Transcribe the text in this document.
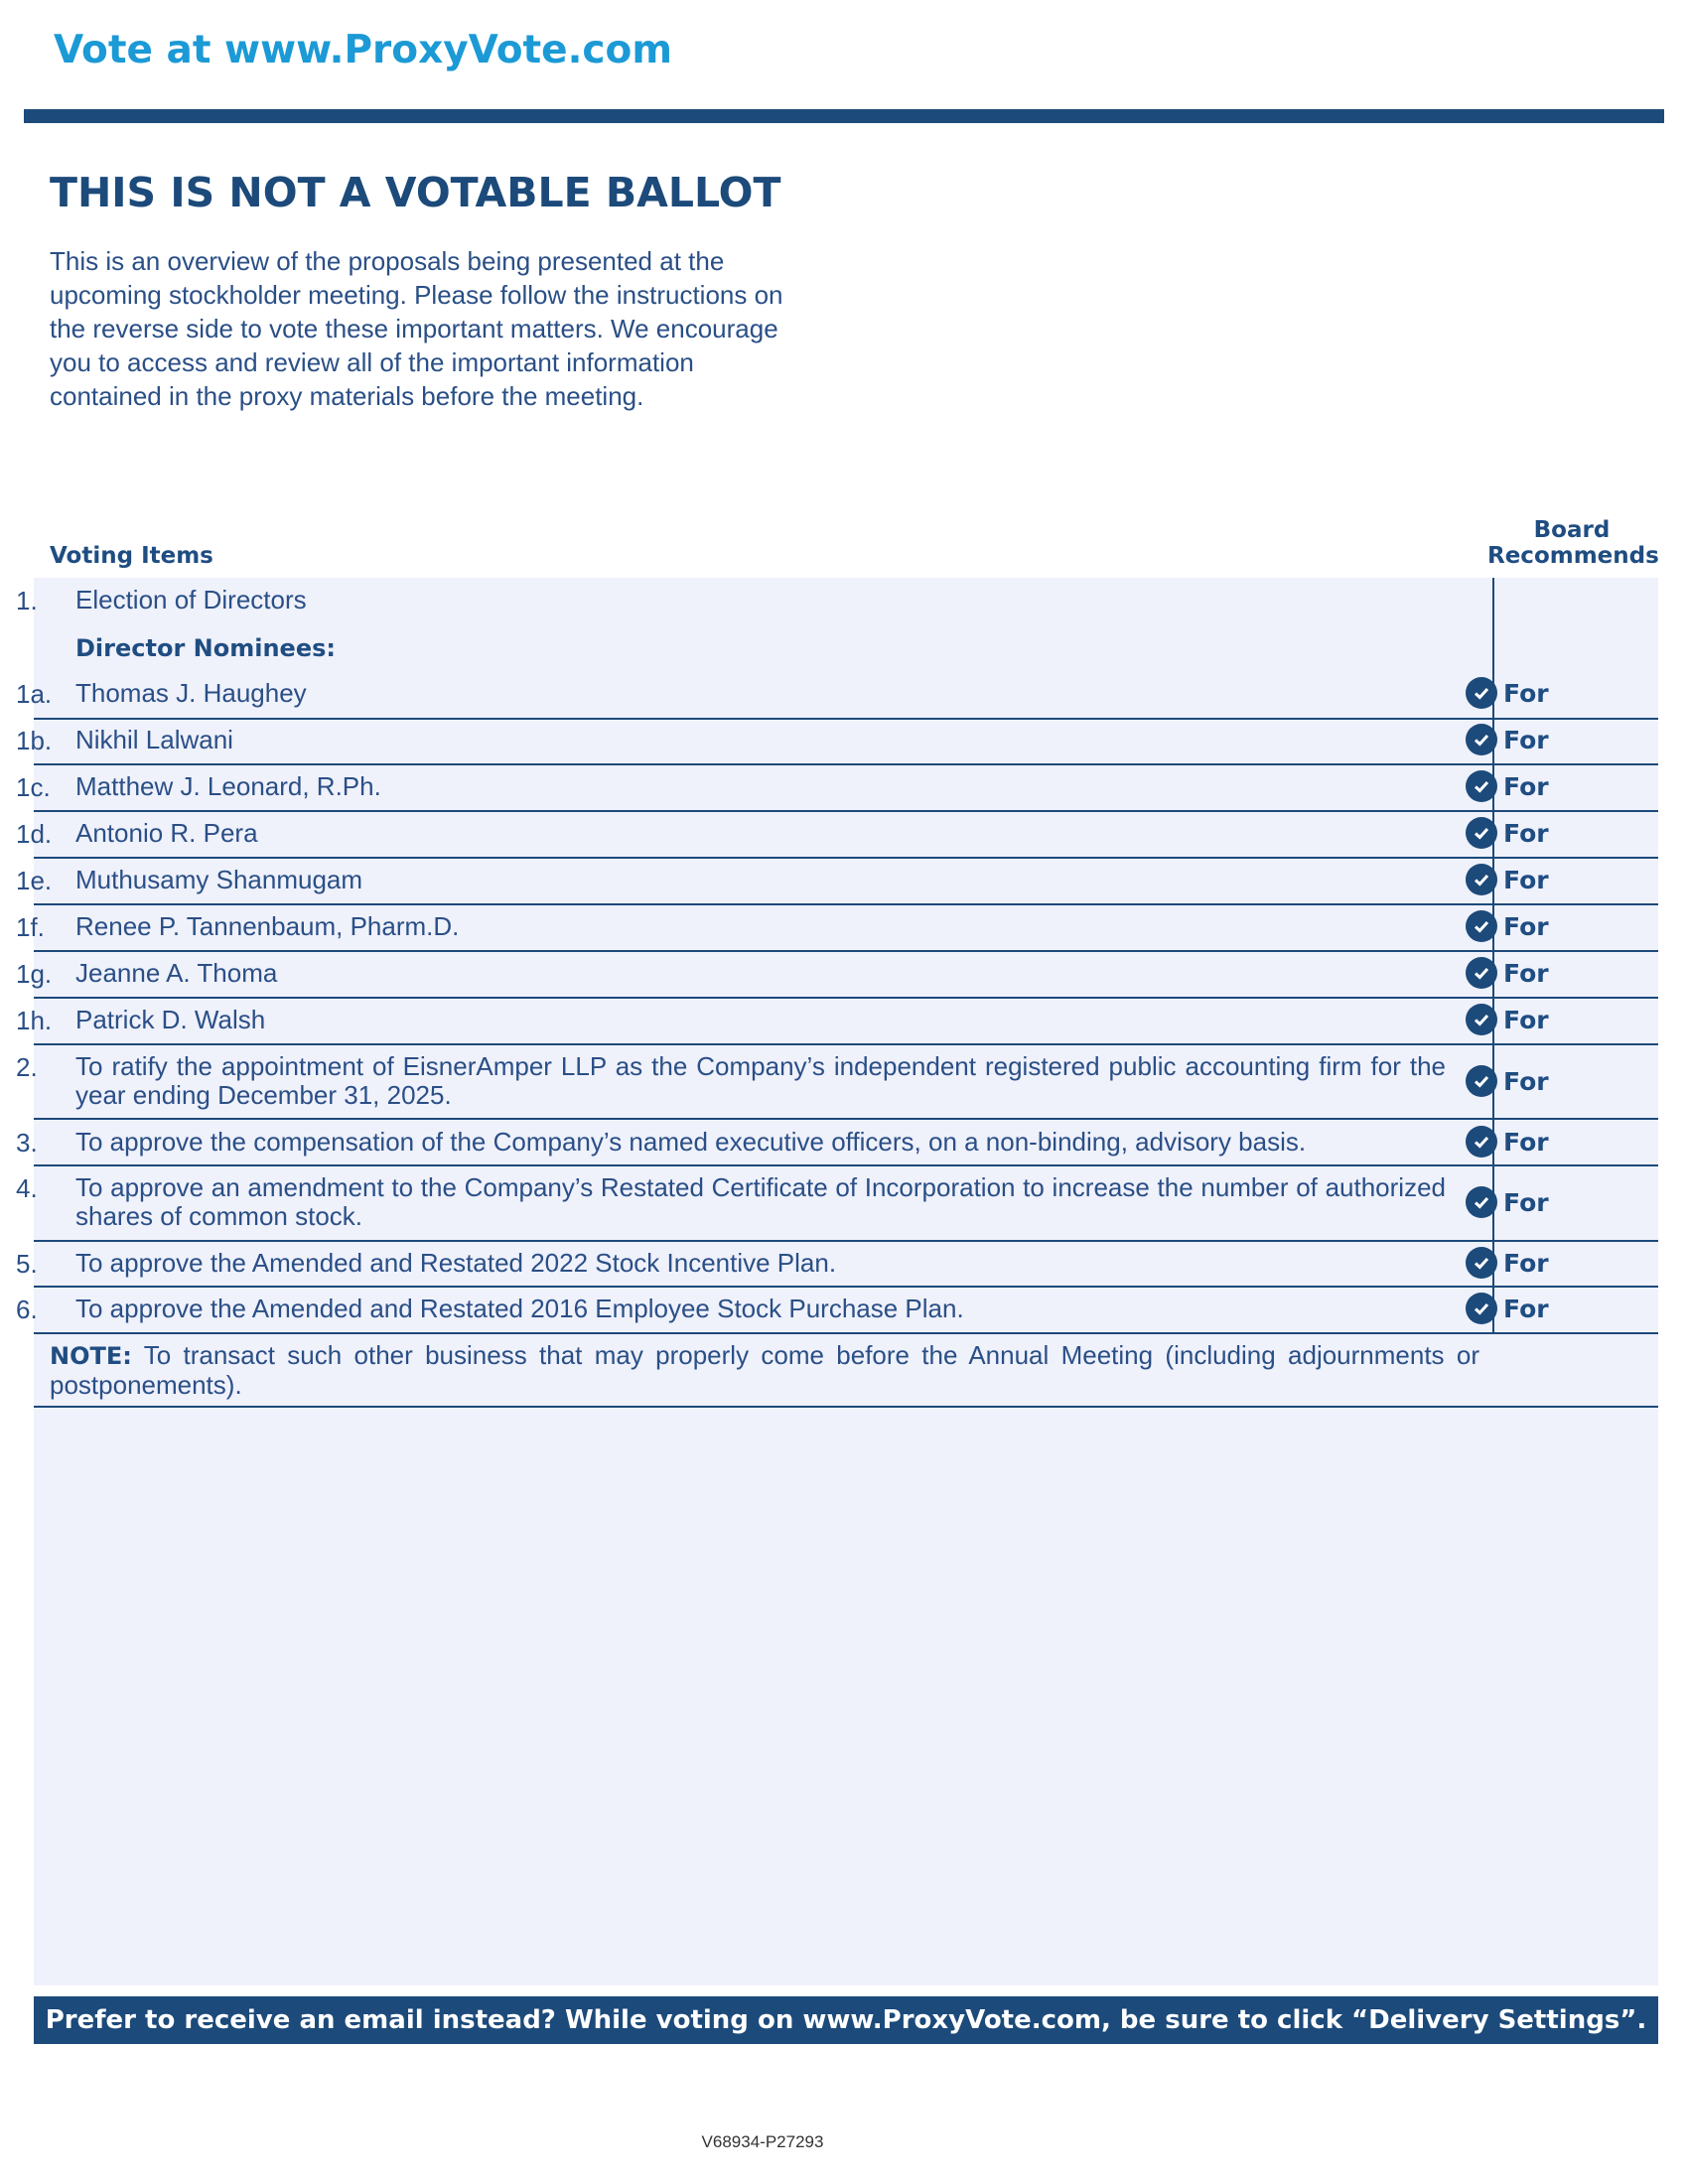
Vote at www.ProxyVote.com
THIS IS NOT A VOTABLE BALLOT
This is an overview of the proposals being presented at the
upcoming stockholder meeting. Please follow the instructions on
the reverse side to vote these important matters. We encourage
you to access and review all of the important information
contained in the proxy materials before the meeting.
Voting Items
Board
Recommends
1. Election of Directors
Director Nominees:
1a. Thomas J. Haughey	For
1b. Nikhil Lalwani	For
1c. Matthew J. Leonard, R.Ph.	For
1d. Antonio R. Pera	For
1e. Muthusamy Shanmugam	For
1f. Renee P. Tannenbaum, Pharm.D.	For
1g. Jeanne A. Thoma	For
1h. Patrick D. Walsh	For
2. To ratify the appointment of EisnerAmper LLP as the Company’s independent registered public accounting firm for the year ending December 31, 2025.	For
3. To approve the compensation of the Company’s named executive officers, on a non-binding, advisory basis.	For
4. To approve an amendment to the Company’s Restated Certificate of Incorporation to increase the number of authorized shares of common stock.	For
5. To approve the Amended and Restated 2022 Stock Incentive Plan.	For
6. To approve the Amended and Restated 2016 Employee Stock Purchase Plan.	For
NOTE: To transact such other business that may properly come before the Annual Meeting (including adjournments or postponements).
Prefer to receive an email instead? While voting on www.ProxyVote.com, be sure to click “Delivery Settings”.
V68934-P27293
